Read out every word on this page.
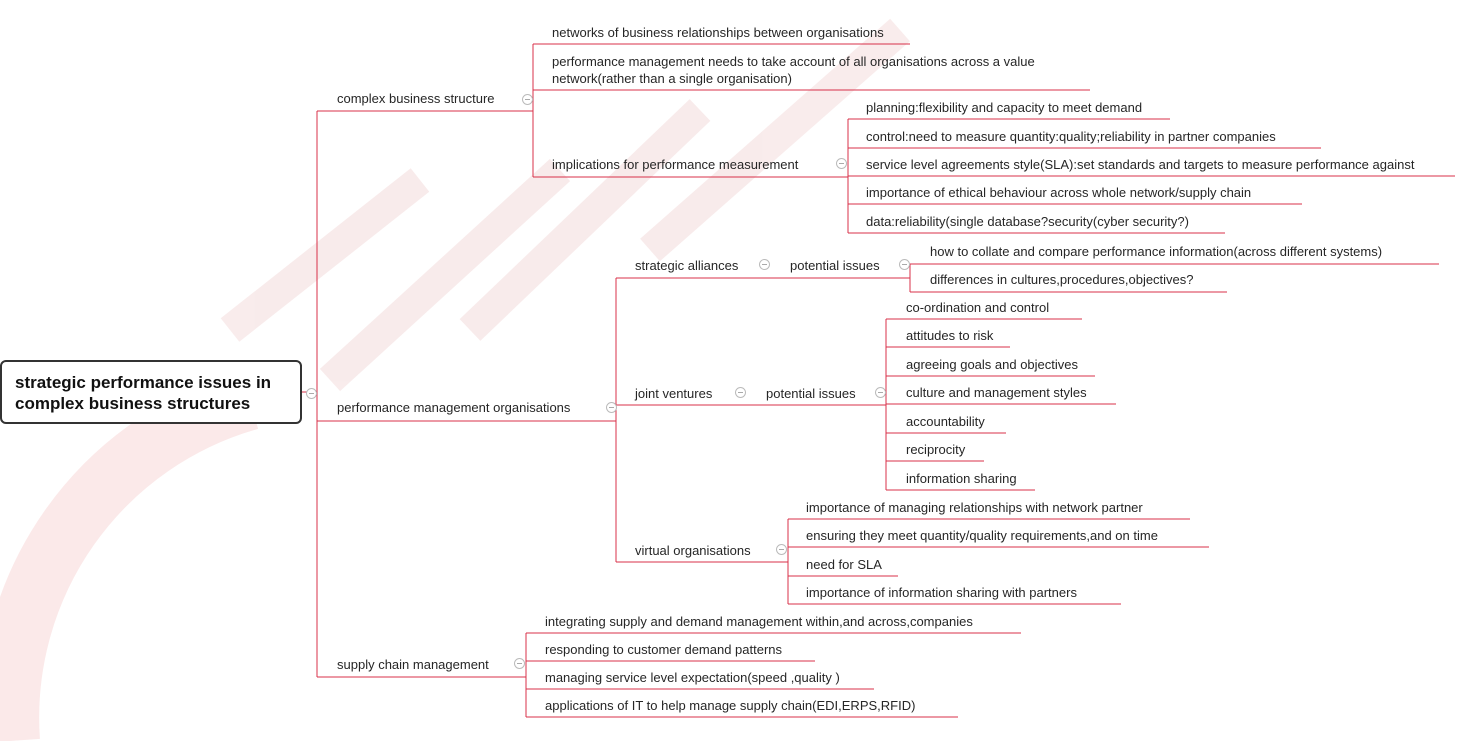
strategic performance issues in
complex business structures
complex business structure
networks of business relationships between organisations
performance management needs to take account of all organisations across a value
network(rather than a single organisation)
implications for performance measurement
planning:flexibility and capacity to meet demand
control:need to measure quantity:quality;reliability in partner companies
service level agreements style(SLA):set standards and targets to measure performance against
importance of ethical behaviour across whole network/supply chain
data:reliability(single database?security(cyber security?)
performance management organisations
strategic alliances	potential issues
how to collate and compare performance information(across different systems)
differences in cultures,procedures,objectives?
joint ventures	potential issues
co-ordination and control
attitudes to risk
agreeing goals and objectives
culture and management styles
accountability
reciprocity
information sharing
virtual organisations
importance of managing relationships with network partner
ensuring they meet quantity/quality requirements,and on time
need for SLA
importance of information sharing with partners
supply chain management
integrating supply and demand management within,and across,companies
responding to customer demand patterns
managing service level expectation(speed ,quality )
applications of IT to help manage supply chain(EDI,ERPS,RFID)
